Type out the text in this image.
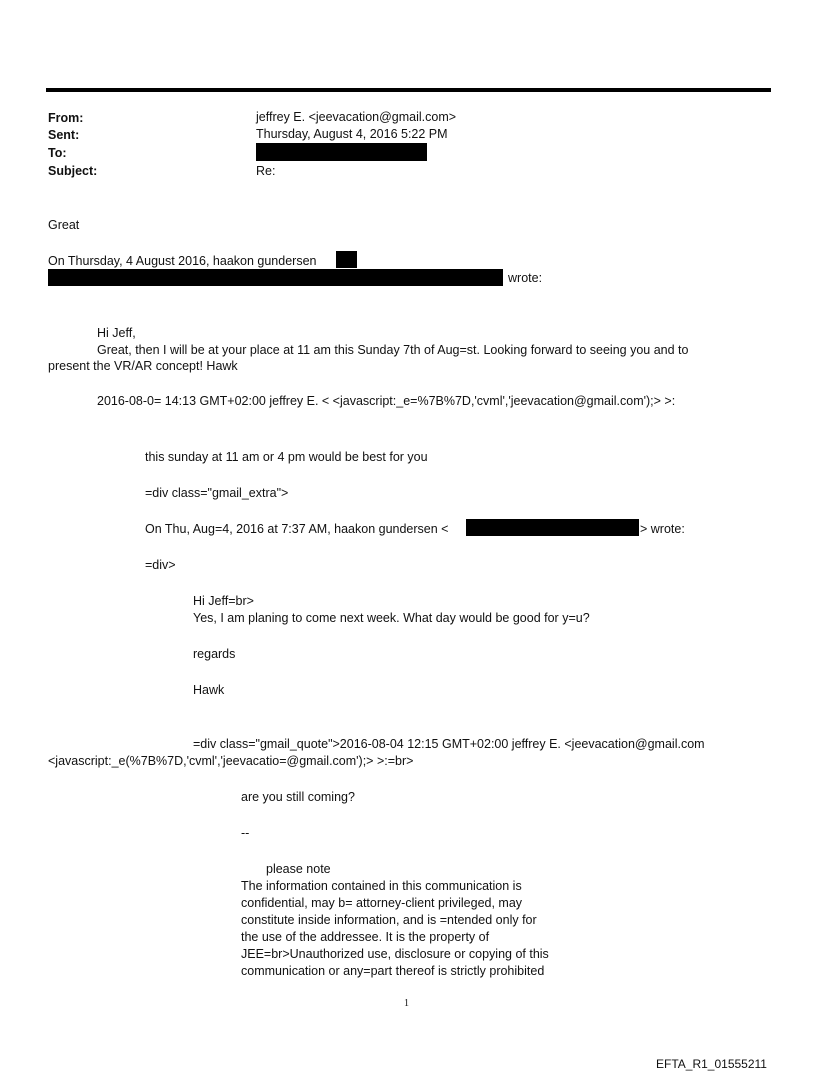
From:	jeffrey E. <jeevacation@gmail.com>
Sent:	Thursday, August 4, 2016 5:22 PM
To:
Subject:	Re:
Great
On Thursday, 4 August 2016, haakon gundersen
wrote:
Hi Jeff,
Great, then I will be at your place at 11 am this Sunday 7th of Aug=st. Looking forward to seeing you and to
present the VR/AR concept! Hawk
2016-08-0= 14:13 GMT+02:00 jeffrey E. < <javascript:_e=%7B%7D,'cvml','jeevacation@gmail.com');> >:
this sunday at 11 am or 4 pm would be best for you
=div class="gmail_extra">
On Thu, Aug=4, 2016 at 7:37 AM, haakon gundersen <	> wrote:
=div>
Hi Jeff=br>
Yes, I am planing to come next week. What day would be good for y=u?
regards
Hawk
=div class="gmail_quote">2016-08-04 12:15 GMT+02:00 jeffrey E. <jeevacation@gmail.com
<javascript:_e(%7B%7D,'cvml','jeevacatio=@gmail.com');> >:=br>
are you still coming?
--
please note
The information contained in this communication is
confidential, may b= attorney-client privileged, may
constitute inside information, and is =ntended only for
the use of the addressee. It is the property of
JEE=br>Unauthorized use, disclosure or copying of this
communication or any=part thereof is strictly prohibited
1
EFTA_R1_01555211
